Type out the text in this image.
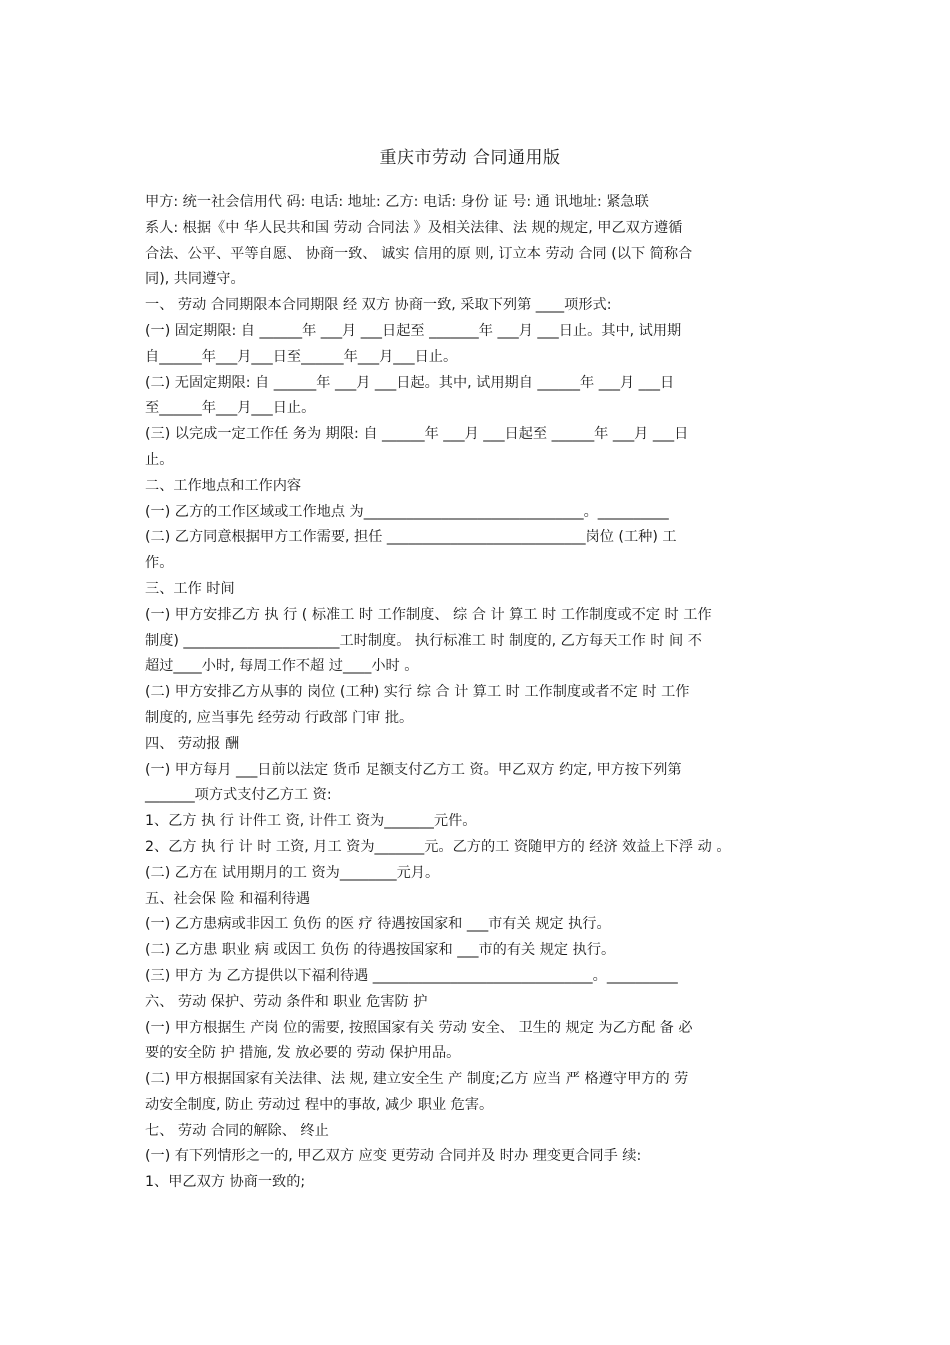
重庆市劳动 合同通用版
甲方: 统一社会信用代 码: 电话: 地址: 乙方: 电话: 身份 证 号: 通 讯地址: 紧急联
系人: 根据《中 华人民共和国 劳动 合同法 》及相关法律、法 规的规定, 甲乙双方遵循
合法、公平、平等自愿、 协商一致、 诚实 信用的原 则, 订立本 劳动 合同 (以下 简称合
同), 共同遵守。
一、 劳动 合同期限本合同期限 经 双方 协商一致, 采取下列第 ____项形式:
(一) 固定期限: 自 ______年 ___月 ___日起至 _______年 ___月 ___日止。其中, 试用期
自______年___月___日至______年___月___日止。
(二) 无固定期限: 自 ______年 ___月 ___日起。其中, 试用期自 ______年 ___月 ___日
至______年___月___日止。
(三) 以完成一定工作任 务为 期限: 自 ______年 ___月 ___日起至 ______年 ___月 ___日
止。
二、工作地点和工作内容
(一) 乙方的工作区域或工作地点 为_______________________________。__________
(二) 乙方同意根据甲方工作需要, 担任 ____________________________岗位 (工种) 工
作。
三、工作 时间
(一) 甲方安排乙方 执 行 ( 标准工 时 工作制度、 综 合 计 算工 时 工作制度或不定 时 工作
制度) ______________________工时制度。 执行标准工 时 制度的, 乙方每天工作 时 间 不
超过____小时, 每周工作不超 过____小时 。
(二) 甲方安排乙方从事的 岗位 (工种) 实行 综 合 计 算工 时 工作制度或者不定 时 工作
制度的, 应当事先 经劳动 行政部 门审 批。
四、 劳动报 酬
(一) 甲方每月 ___日前以法定 货币 足额支付乙方工 资。甲乙双方 约定, 甲方按下列第
_______项方式支付乙方工 资:
1、乙方 执 行 计件工 资, 计件工 资为_______元件。
2、乙方 执 行 计 时 工资, 月工 资为_______元。乙方的工 资随甲方的 经济 效益上下浮 动 。
(二) 乙方在 试用期月的工 资为________元月。
五、社会保 险 和福利待遇
(一) 乙方患病或非因工 负伤 的医 疗 待遇按国家和 ___市有关 规定 执行。
(二) 乙方患 职业 病 或因工 负伤 的待遇按国家和 ___市的有关 规定 执行。
(三) 甲方 为 乙方提供以下福利待遇 _______________________________。__________
六、 劳动 保护、劳动 条件和 职业 危害防 护
(一) 甲方根据生 产岗 位的需要, 按照国家有关 劳动 安全、 卫生的 规定 为乙方配 备 必
要的安全防 护 措施, 发 放必要的 劳动 保护用品。
(二) 甲方根据国家有关法律、法 规, 建立安全生 产 制度;乙方 应当 严 格遵守甲方的 劳
动安全制度, 防止 劳动过 程中的事故, 减少 职业 危害。
七、 劳动 合同的解除、 终止
(一) 有下列情形之一的, 甲乙双方 应变 更劳动 合同并及 时办 理变更合同手 续:
1、甲乙双方 协商一致的;
